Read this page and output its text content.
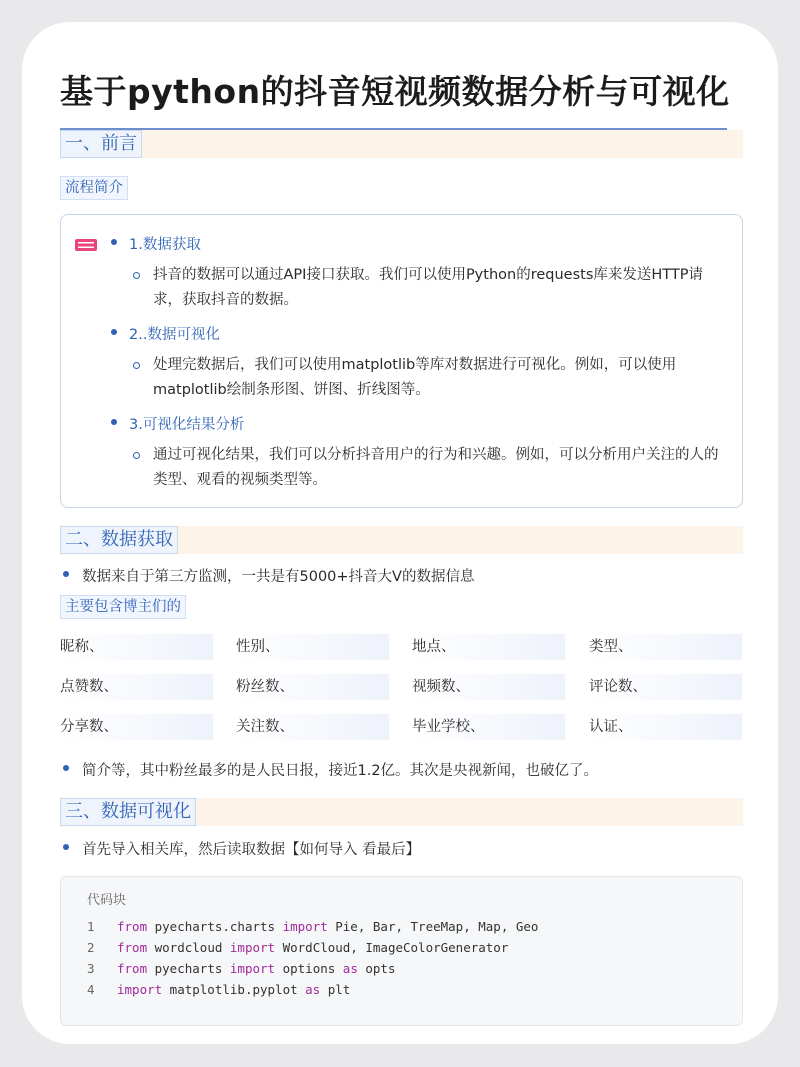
基于python的抖音短视频数据分析与可视化
一、前言
流程简介
1.数据获取
抖音的数据可以通过API接口获取。我们可以使用Python的requests库来发送HTTP请求，获取抖音的数据。
2..数据可视化
处理完数据后，我们可以使用matplotlib等库对数据进行可视化。例如，可以使用matplotlib绘制条形图、饼图、折线图等。
3.可视化结果分析
通过可视化结果，我们可以分析抖音用户的行为和兴趣。例如，可以分析用户关注的人的类型、观看的视频类型等。
二、数据获取
数据来自于第三方监测，一共是有5000+抖音大V的数据信息
主要包含博主们的
昵称、	性别、	地点、	类型、
点赞数、	粉丝数、	视频数、	评论数、
分享数、	关注数、	毕业学校、	认证、
简介等，其中粉丝最多的是人民日报，接近1.2亿。其次是央视新闻，也破亿了。
三、数据可视化
首先导入相关库，然后读取数据【如何导入 看最后】
代码块
1 from pyecharts.charts import Pie, Bar, TreeMap, Map, Geo
2 from wordcloud import WordCloud, ImageColorGenerator
3 from pyecharts import options as opts
4 import matplotlib.pyplot as plt
